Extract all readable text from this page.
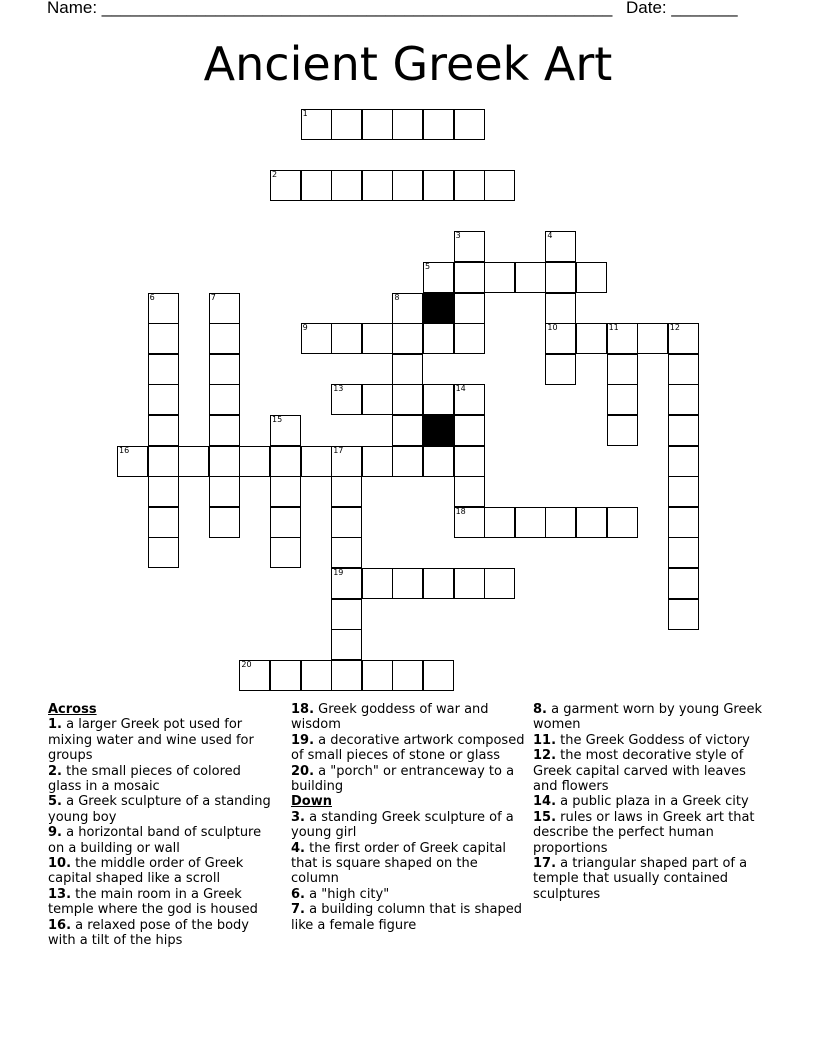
Name: ______________________________________________________ Date: _______
Ancient Greek Art
1
2
3	4
5
6	7	8
9	10	11	12
13	14
15
16	17
18
19
20
Across

1. a larger Greek pot used for mixing water and wine used for groups

2. the small pieces of colored glass in a mosaic

5. a Greek sculpture of a standing young boy

9. a horizontal band of sculpture on a building or wall

10. the middle order of Greek capital shaped like a scroll

13. the main room in a Greek temple where the god is housed

16. a relaxed pose of the body with a tilt of the hips

18. Greek goddess of war and wisdom

19. a decorative artwork composed of small pieces of stone or glass

20. a "porch" or entranceway to a building

Down

3. a standing Greek sculpture of a young girl

4. the first order of Greek capital that is square shaped on the column

6. a "high city"

7. a building column that is shaped like a female figure

8. a garment worn by young Greek women

11. the Greek Goddess of victory

12. the most decorative style of Greek capital carved with leaves and flowers

14. a public plaza in a Greek city

15. rules or laws in Greek art that describe the perfect human proportions

17. a triangular shaped part of a temple that usually contained sculptures
